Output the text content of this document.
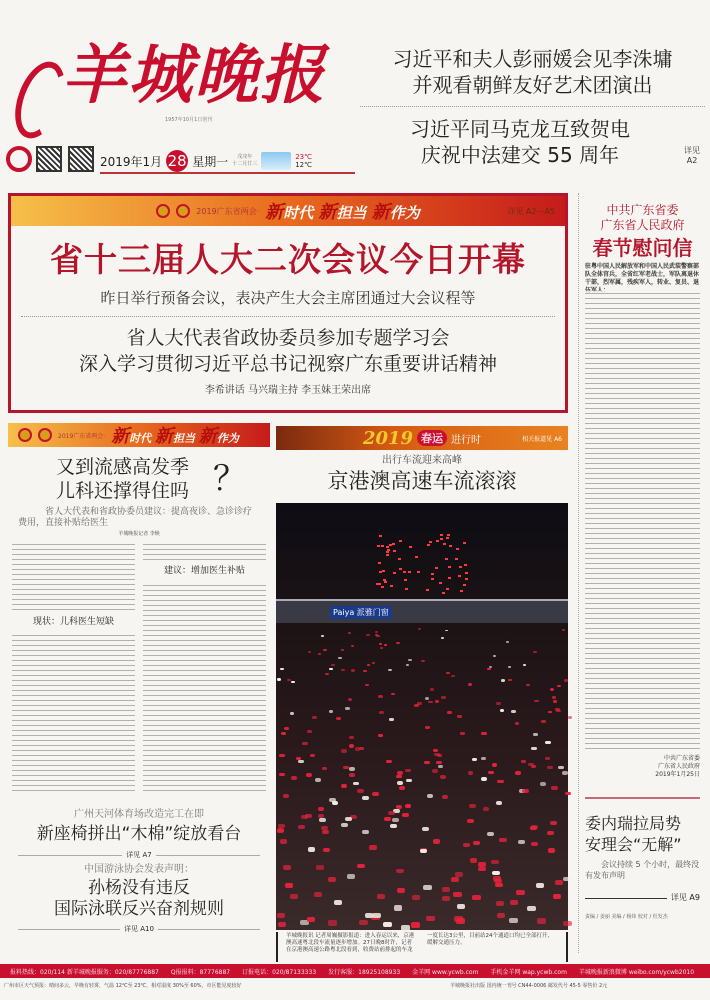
羊城晚报
1957年10月1日创刊
2019年1月 28 星期一	戊戌年
十二月廿三
23℃
12℃
习近平和夫人彭丽媛会见李洙墉
并观看朝鲜友好艺术团演出
习近平同马克龙互致贺电
庆祝中法建交 55 周年	详见
A2
2019广东省两会· 新时代 新担当 新作为	详见 A2—A5
省十三届人大二次会议今日开幕
昨日举行预备会议，表决产生大会主席团通过大会议程等
省人大代表省政协委员参加专题学习会
深入学习贯彻习近平总书记视察广东重要讲话精神
李希讲话 马兴瑞主持 李玉妹王荣出席
中共广东省委
广东省人民政府
春节慰问信
驻粤中国人民解放军和中国人民武装警察部队全体官兵，全省红军老战士，军队离退休干部，烈军属，残疾军人，转业、复员、退
中共广东省委
广东省人民政府
2019年1月25日
委内瑞拉局势
安理会“无解”
会议持续 5 个小时，最终没有发布声明
详见 A9
责编 / 姜丽 美编 / 杨炜 校对 / 杜发杰
2019广东省两会· 新时代 新担当 新作为
又到流感高发季
儿科还撑得住吗 ？
省人大代表和省政协委员建议：提高夜诊、急诊诊疗费用，直接补贴给医生
羊城晚报记者 李焕
现状：儿科医生短缺
建议：增加医生补贴
广州天河体育场改造完工在即
新座椅拼出“木棉”绽放看台
详见 A7
中国游泳协会发表声明：
孙杨没有违反
国际泳联反兴奋剂规则
详见 A10
2019 春运 进行时	相关报道见 A6
出行车流迎来高峰
京港澳高速车流滚滚
Paiya 派雅门窗
羊城晚报讯 记者周巍摄影报道：进入春运以来，京港澳高速粤北段车流量逐步增加。27日晚8时许，记者在京港澳高速公路粤北段看到，收费站前排起的车龙一度长达3公里，目前站24个通道口均已全部打开，缓解交通压力。
报料热线：020/114 新羊城晚报服务：020/87776887 Q报报料：87776887 订报电话：020/87133333 发行客服：18925108933 金羊网 www.ycwb.com 手机金羊网 wap.ycwb.com 羊城晚报新浪微博 weibo.com/ycwb2010
广州市区天气预报：晴间多云，早晚有轻雾，气温 12℃至 23℃，相对湿度 30%至 60%，市区能见度较好	羊城晚报社出版 国内统一刊号 CN44-0006 邮发代号 45-5 零售价 2元
